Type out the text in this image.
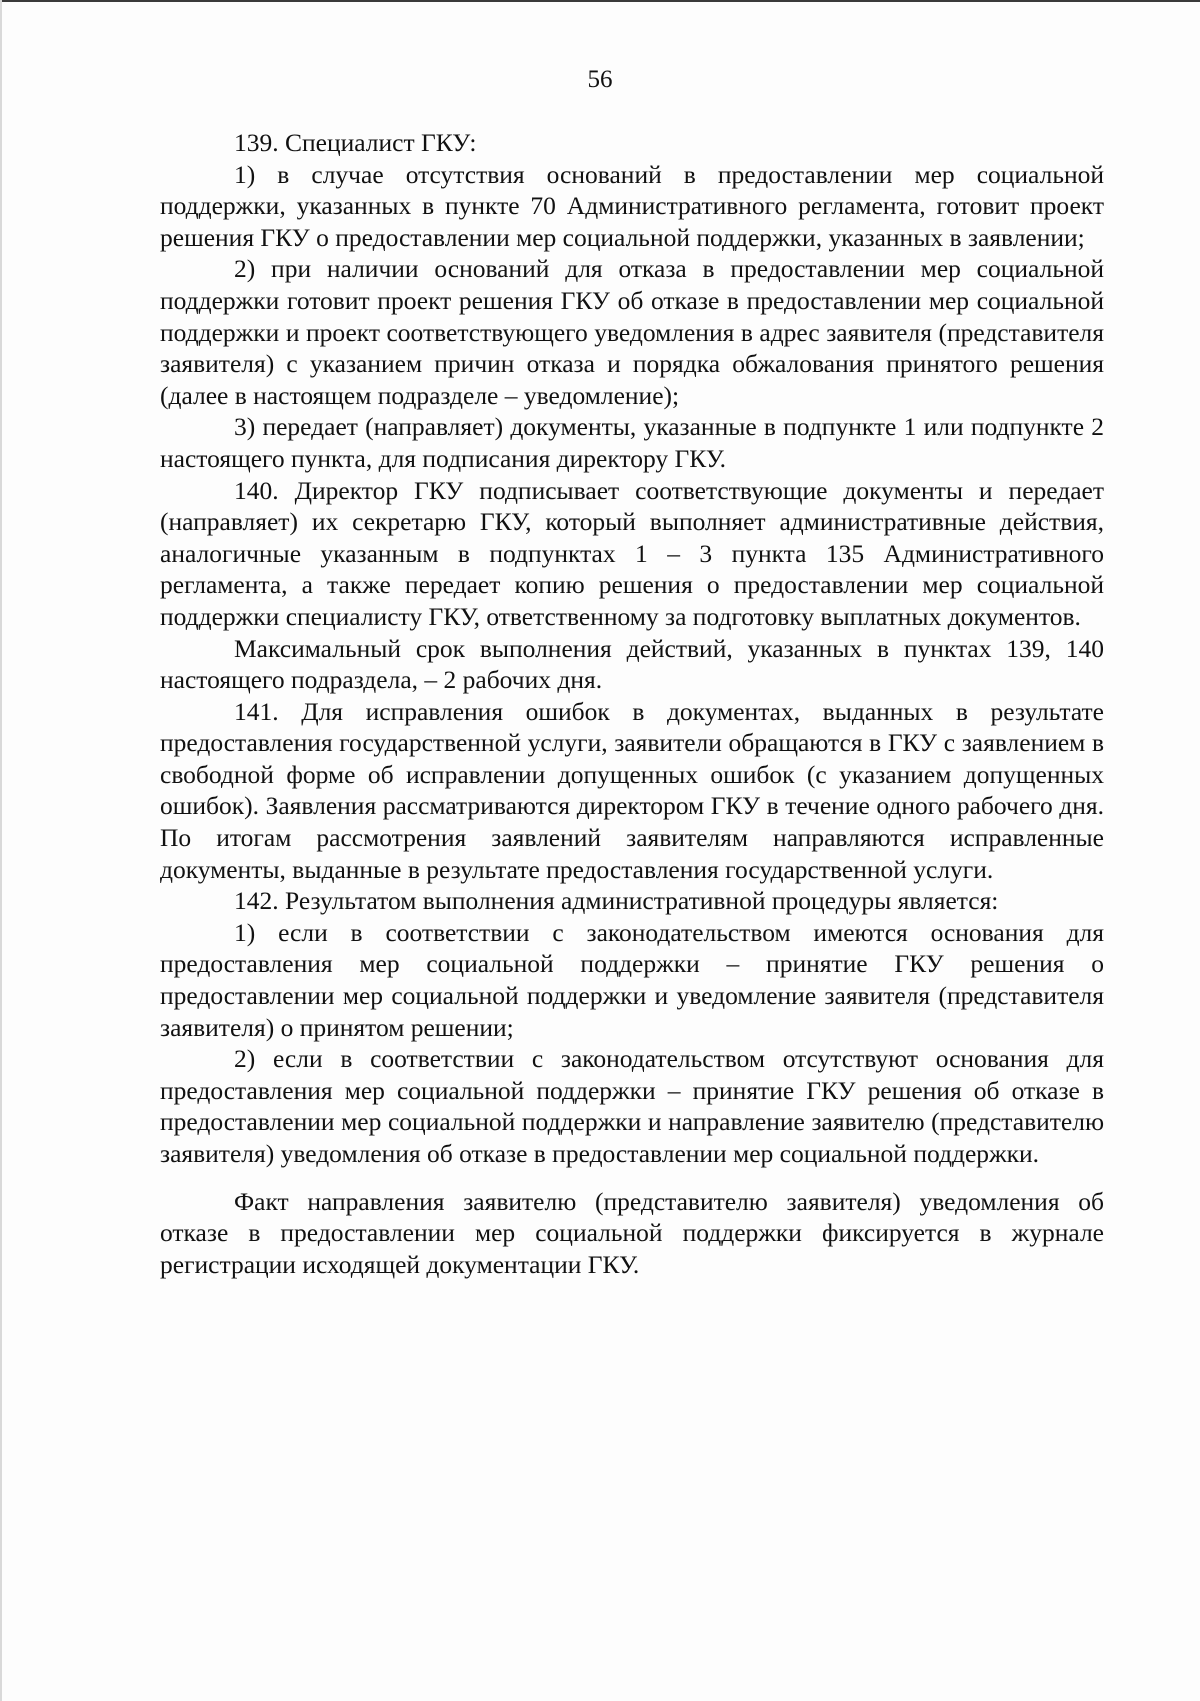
56

139. Специалист ГКУ:

1) в случае отсутствия оснований в предоставлении мер социальной поддержки, указанных в пункте 70 Административного регламента, готовит проект решения ГКУ о предоставлении мер социальной поддержки, указанных в заявлении;

2) при наличии оснований для отказа в предоставлении мер социальной поддержки готовит проект решения ГКУ об отказе в предоставлении мер социальной поддержки и проект соответствующего уведомления в адрес заявителя (представителя заявителя) с указанием причин отказа и порядка обжалования принятого решения (далее в настоящем подразделе – уведомление);

3) передает (направляет) документы, указанные в подпункте 1 или подпункте 2 настоящего пункта, для подписания директору ГКУ.

140. Директор ГКУ подписывает соответствующие документы и передает (направляет) их секретарю ГКУ, который выполняет административные действия, аналогичные указанным в подпунктах 1 – 3 пункта 135 Административного регламента, а также передает копию решения о предоставлении мер социальной поддержки специалисту ГКУ, ответственному за подготовку выплатных документов.

Максимальный срок выполнения действий, указанных в пунктах 139, 140 настоящего подраздела, – 2 рабочих дня.

141. Для исправления ошибок в документах, выданных в результате предоставления государственной услуги, заявители обращаются в ГКУ с заявлением в свободной форме об исправлении допущенных ошибок (с указанием допущенных ошибок). Заявления рассматриваются директором ГКУ в течение одного рабочего дня. По итогам рассмотрения заявлений заявителям направляются исправленные документы, выданные в результате предоставления государственной услуги.

142. Результатом выполнения административной процедуры является:

1) если в соответствии с законодательством имеются основания для предоставления мер социальной поддержки – принятие ГКУ решения о предоставлении мер социальной поддержки и уведомление заявителя (представителя заявителя) о принятом решении;

2) если в соответствии с законодательством отсутствуют основания для предоставления мер социальной поддержки – принятие ГКУ решения об отказе в предоставлении мер социальной поддержки и направление заявителю (представителю заявителя) уведомления об отказе в предоставлении мер социальной поддержки.

Факт направления заявителю (представителю заявителя) уведомления об отказе в предоставлении мер социальной поддержки фиксируется в журнале регистрации исходящей документации ГКУ.
